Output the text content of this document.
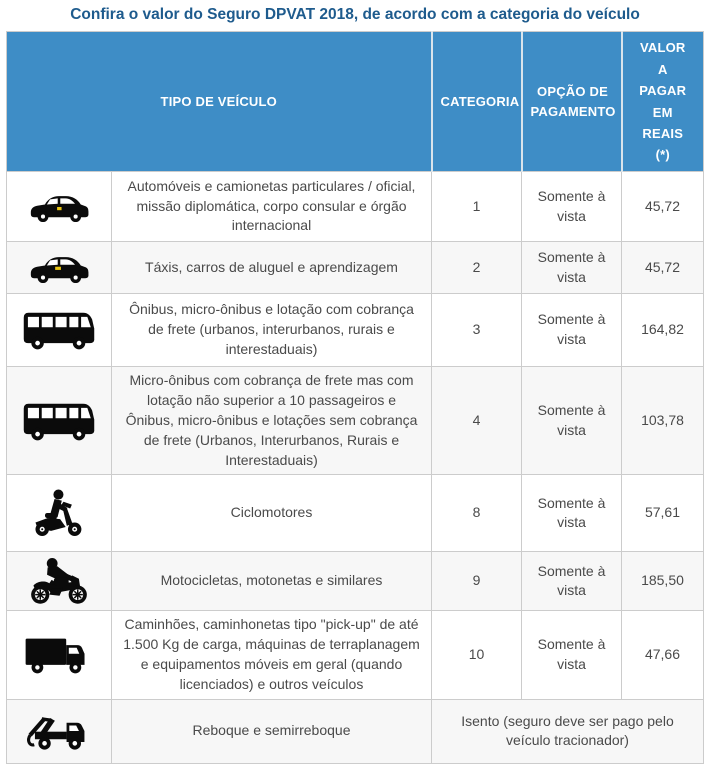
Confira o valor do Seguro DPVAT 2018, de acordo com a categoria do veículo
TIPO DE VEÍCULO		CATEGORIA	OPÇÃO DE PAGAMENTO	VALOR A PAGAR EM REAIS (*)

	Automóveis e camionetas particulares / oficial, missão diplomática, corpo consular e órgão internacional	1	Somente à vista	45,72

	Táxis, carros de aluguel e aprendizagem	2	Somente à vista	45,72

	Ônibus, micro-ônibus e lotação com cobrança de frete (urbanos, interurbanos, rurais e interestaduais)	3	Somente à vista	164,82

	Micro-ônibus com cobrança de frete mas com lotação não superior a 10 passageiros e Ônibus, micro-ônibus e lotações sem cobrança de frete (Urbanos, Interurbanos, Rurais e Interestaduais)	4	Somente à vista	103,78

	Ciclomotores	8	Somente à vista	57,61

	Motocicletas, motonetas e similares	9	Somente à vista	185,50

	Caminhões, caminhonetas tipo "pick-up" de até 1.500 Kg de carga, máquinas de terraplanagem e equipamentos móveis em geral (quando licenciados) e outros veículos	10	Somente à vista	47,66

	Reboque e semirreboque	Isento (seguro deve ser pago pelo veículo tracionador)		
